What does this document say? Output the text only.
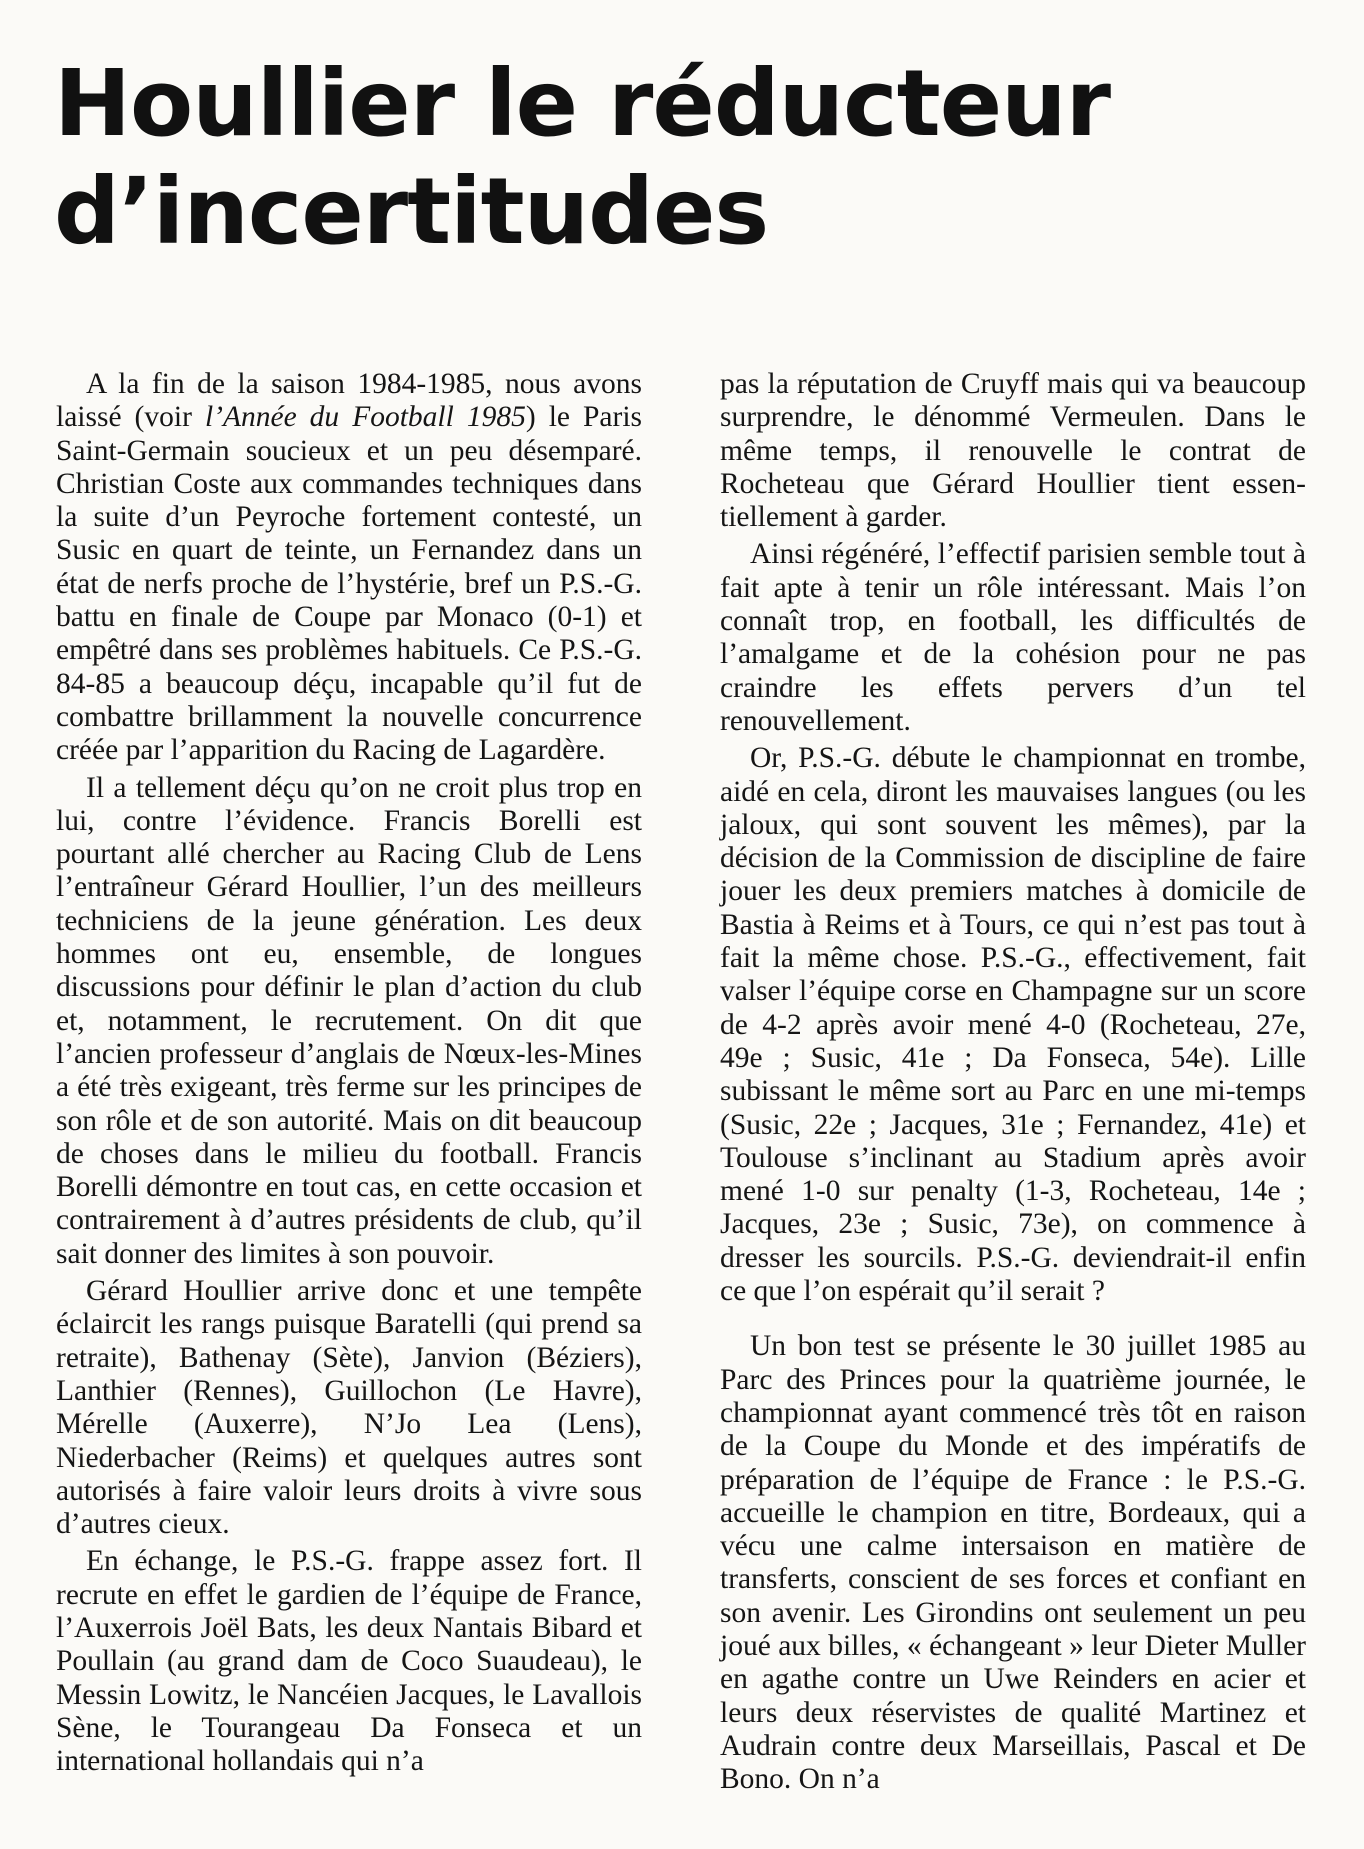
Houllier le réducteur
d’incertitudes

A la fin de la saison 1984-1985, nous avons laissé (voir l’Année du Football 1985) le Paris Saint-Germain soucieux et un peu désemparé. Christian Coste aux commandes techniques dans la suite d’un Peyroche fortement contesté, un Susic en quart de teinte, un Fernandez dans un état de nerfs proche de l’hystérie, bref un P.S.-G. battu en finale de Coupe par Monaco (0-1) et empêtré dans ses problèmes habituels. Ce P.S.-G. 84-85 a beaucoup déçu, incapable qu’il fut de combattre brillamment la nouvelle concurrence créée par l’apparition du Racing de Lagardère.

Il a tellement déçu qu’on ne croit plus trop en lui, contre l’évidence. Francis Borelli est pourtant allé chercher au Racing Club de Lens l’entraîneur Gérard Houllier, l’un des meilleurs techniciens de la jeune génération. Les deux hommes ont eu, ensemble, de longues discussions pour définir le plan d’action du club et, notamment, le recrutement. On dit que l’ancien professeur d’anglais de Nœux-les-Mines a été très exigeant, très ferme sur les principes de son rôle et de son autorité. Mais on dit beaucoup de choses dans le milieu du football. Francis Borelli démontre en tout cas, en cette occasion et contrairement à d’autres présidents de club, qu’il sait donner des limites à son pouvoir.

Gérard Houllier arrive donc et une tempête éclaircit les rangs puisque Baratelli (qui prend sa retraite), Bathenay (Sète), Janvion (Béziers), Lanthier (Rennes), Guillochon (Le Havre), Mérelle (Auxerre), N’Jo Lea (Lens), Niederbacher (Reims) et quelques autres sont autorisés à faire valoir leurs droits à vivre sous d’autres cieux.

En échange, le P.S.-G. frappe assez fort. Il recrute en effet le gardien de l’équipe de France, l’Auxerrois Joël Bats, les deux Nantais Bibard et Poullain (au grand dam de Coco Suaudeau), le Messin Lowitz, le Nancéien Jacques, le Lavallois Sène, le Tourangeau Da Fonseca et un international hollandais qui n’a

pas la réputation de Cruyff mais qui va beaucoup surprendre, le dénommé Vermeulen. Dans le même temps, il renouvelle le contrat de Rocheteau que Gérard Houllier tient essentiellement à garder.

Ainsi régénéré, l’effectif parisien semble tout à fait apte à tenir un rôle intéressant. Mais l’on connaît trop, en football, les difficultés de l’amalgame et de la cohésion pour ne pas craindre les effets pervers d’un tel renouvellement.

Or, P.S.-G. débute le championnat en trombe, aidé en cela, diront les mauvaises langues (ou les jaloux, qui sont souvent les mêmes), par la décision de la Commission de discipline de faire jouer les deux premiers matches à domicile de Bastia à Reims et à Tours, ce qui n’est pas tout à fait la même chose. P.S.-G., effectivement, fait valser l’équipe corse en Champagne sur un score de 4-2 après avoir mené 4-0 (Rocheteau, 27e, 49e ; Susic, 41e ; Da Fonseca, 54e). Lille subissant le même sort au Parc en une mi-temps (Susic, 22e ; Jacques, 31e ; Fernandez, 41e) et Toulouse s’inclinant au Stadium après avoir mené 1-0 sur penalty (1-3, Rocheteau, 14e ; Jacques, 23e ; Susic, 73e), on commence à dresser les sourcils. P.S.-G. deviendrait-il enfin ce que l’on espérait qu’il serait ?

Un bon test se présente le 30 juillet 1985 au Parc des Princes pour la quatrième journée, le championnat ayant commencé très tôt en raison de la Coupe du Monde et des impératifs de préparation de l’équipe de France : le P.S.-G. accueille le champion en titre, Bordeaux, qui a vécu une calme intersaison en matière de transferts, conscient de ses forces et confiant en son avenir. Les Girondins ont seulement un peu joué aux billes, « échangeant » leur Dieter Muller en agathe contre un Uwe Reinders en acier et leurs deux réservistes de qualité Martinez et Audrain contre deux Marseillais, Pascal et De Bono. On n’a
